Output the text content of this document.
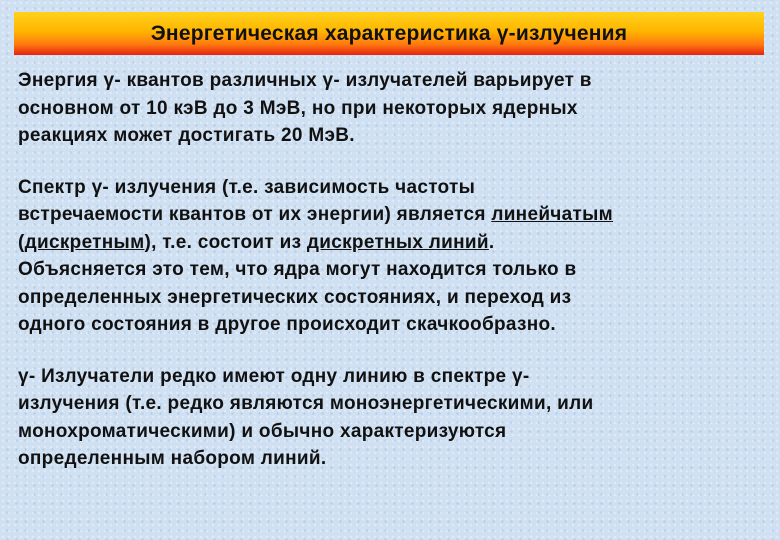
Энергетическая характеристика γ-излучения

Энергия γ‑ квантов различных γ‑ излучателей варьирует в

основном от 10 кэВ до 3 МэВ, но при некоторых ядерных

реакциях может достигать 20 МэВ.

Спектр γ‑ излучения (т.е. зависимость частоты

встречаемости квантов от их энергии) является линейчатым

(дискретным), т.е. состоит из дискретных линий.

Объясняется это тем, что ядра могут находится только в

определенных энергетических состояниях, и переход из

одного состояния в другое происходит скачкообразно.

γ‑ Излучатели редко имеют одну линию в спектре γ-

излучения (т.е. редко являются моноэнергетическими, или

монохроматическими) и обычно характеризуются

определенным набором линий.
